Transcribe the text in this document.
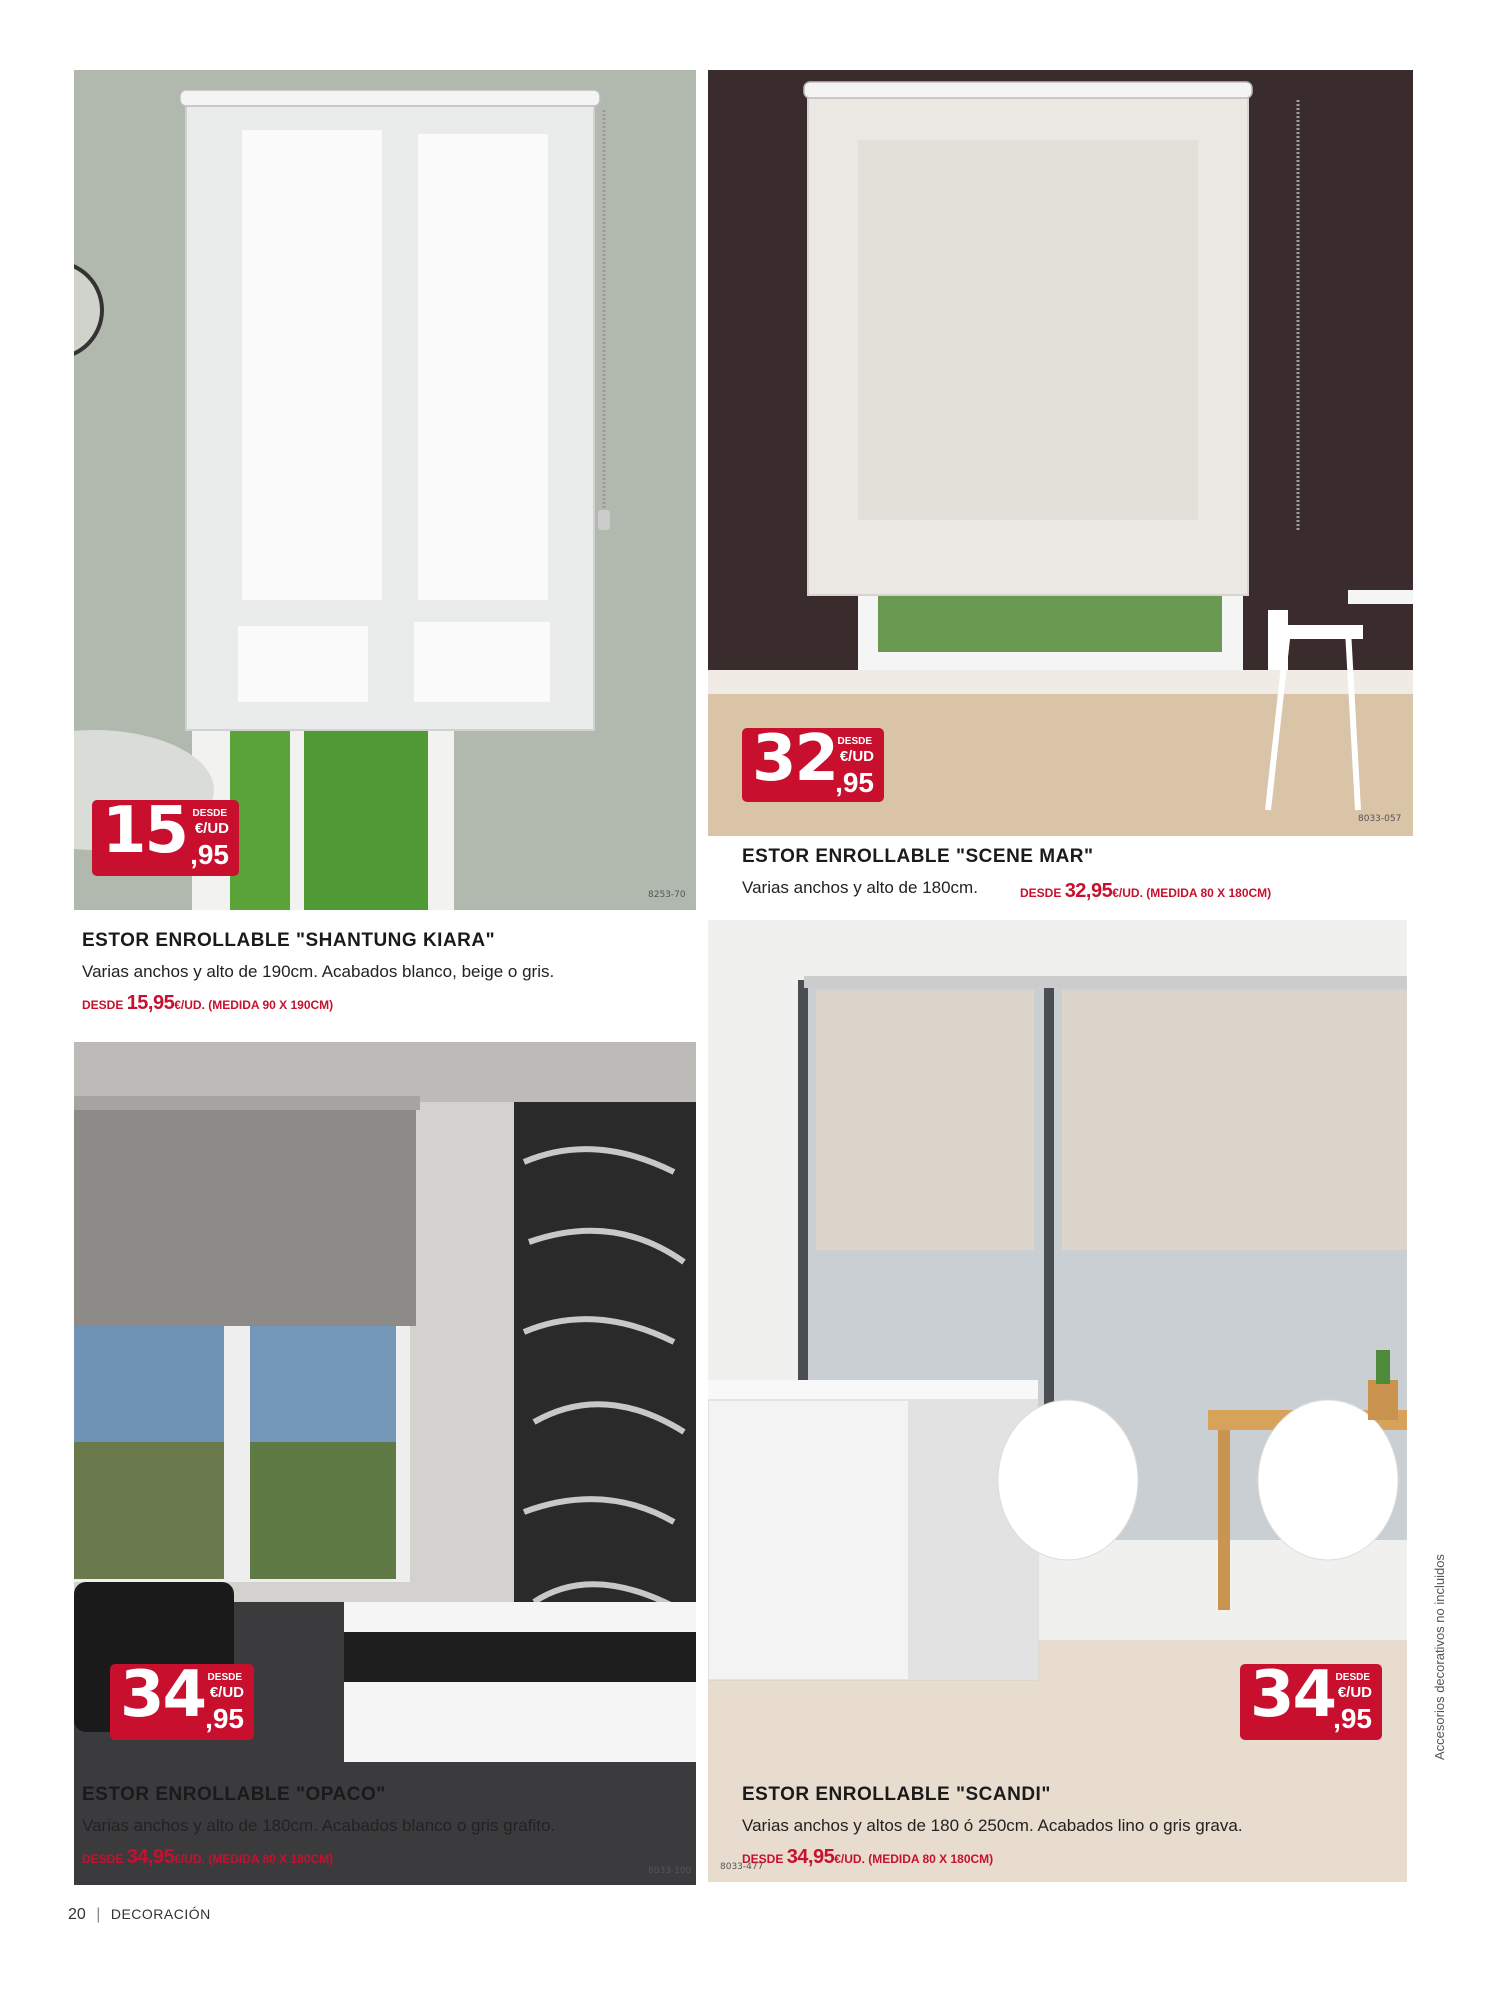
8253-70
15 DESDE
€/UD
,95
8033-057
32 DESDE
€/UD
,95
8033-100
34 DESDE
€/UD
,95
8033-477
34 DESDE
€/UD
,95
ESTOR ENROLLABLE "SHANTUNG KIARA"
Varias anchos y alto de 190cm. Acabados blanco, beige o gris.
DESDE 15,95€/UD. (MEDIDA 90 X 190CM)
ESTOR ENROLLABLE "SCENE MAR"
Varias anchos y alto de 180cm.	DESDE 32,95€/UD. (MEDIDA 80 X 180CM)
ESTOR ENROLLABLE "OPACO"
Varias anchos y alto de 180cm. Acabados blanco o gris grafito.
DESDE 34,95€/UD. (MEDIDA 80 X 180CM)
ESTOR ENROLLABLE "SCANDI"
Varias anchos y altos de 180 ó 250cm. Acabados lino o gris grava.
DESDE 34,95€/UD. (MEDIDA 80 X 180CM)
Accesorios decorativos no incluidos
20 | DECORACIÓN
